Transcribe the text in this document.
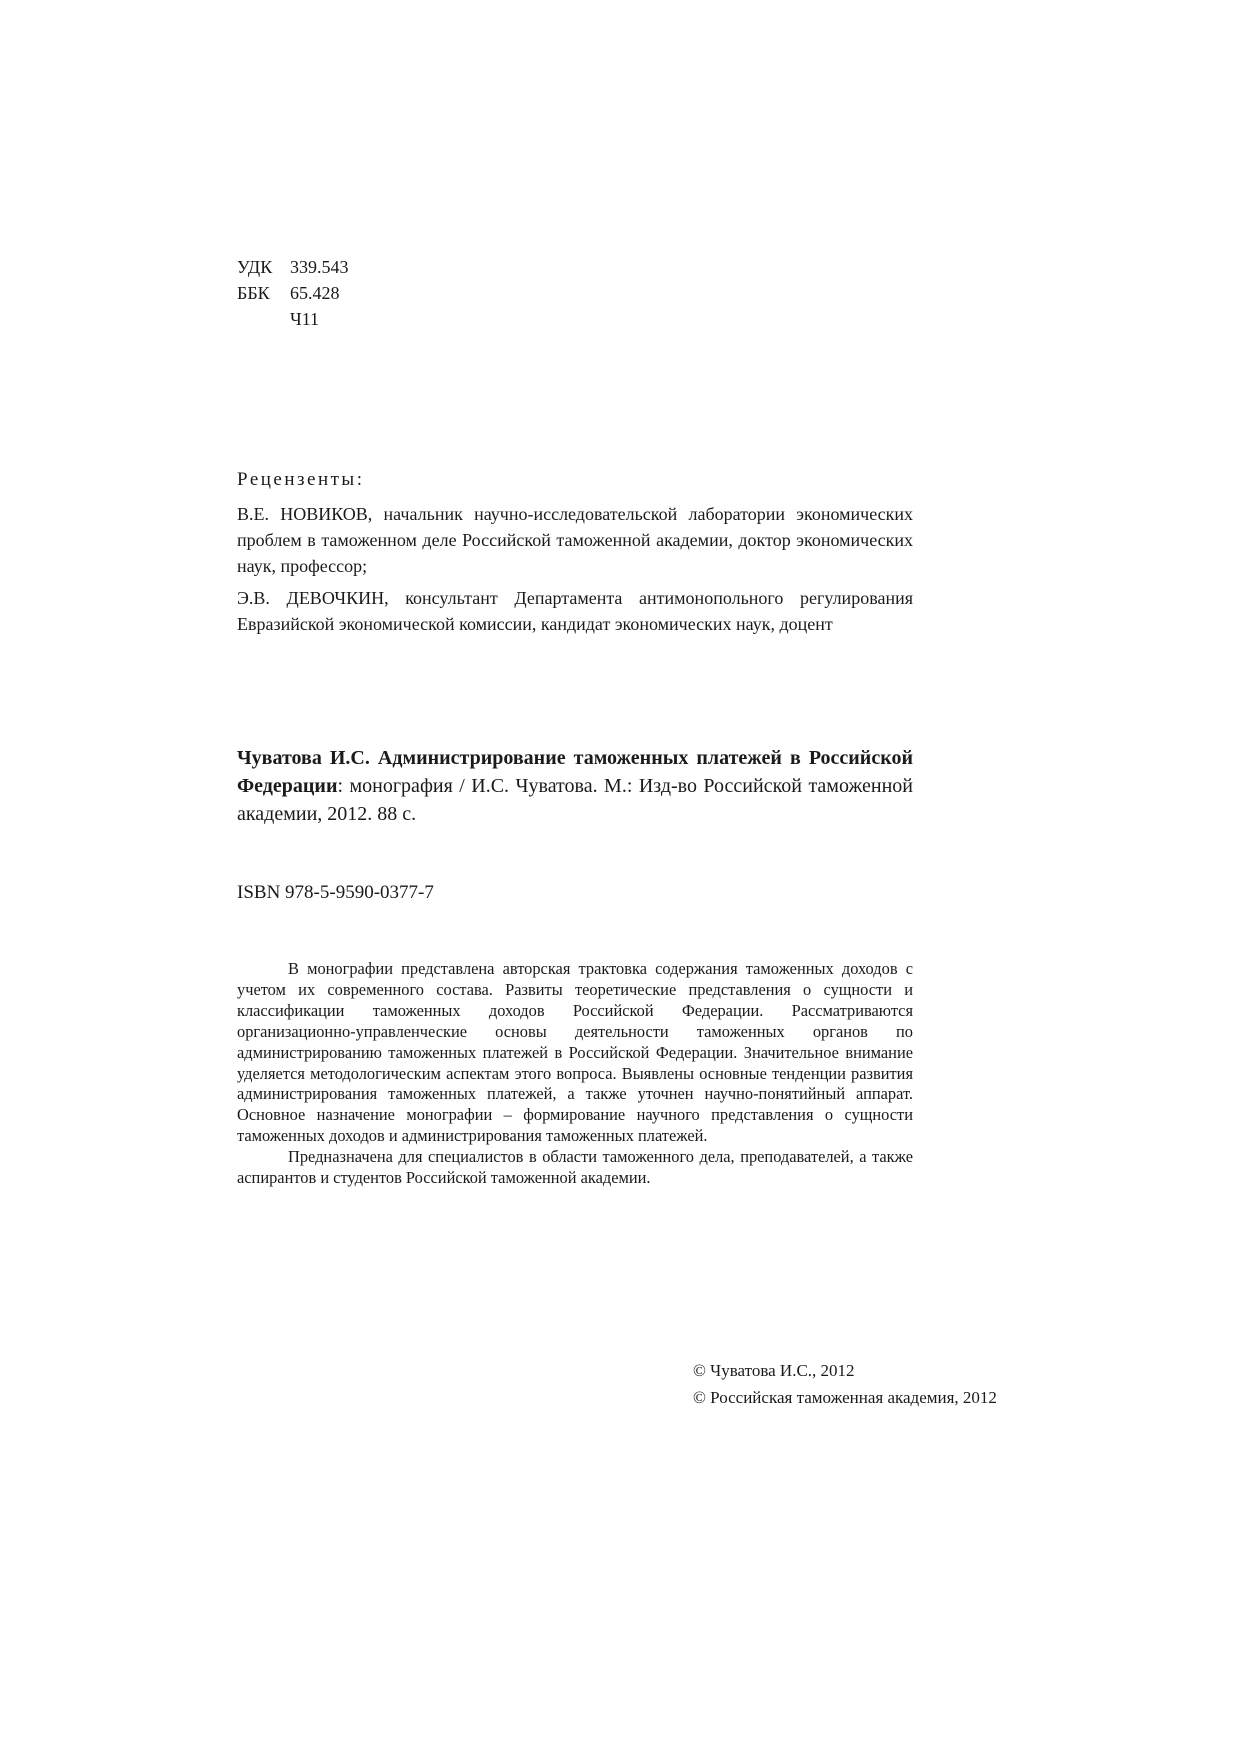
УДК 339.543
ББК	65.428
Ч11
Рецензенты:
В.Е. НОВИКОВ, начальник научно-исследовательской лаборатории экономических проблем в таможенном деле Российской таможенной академии, доктор экономических наук, профессор;
Э.В. ДЕВОЧКИН, консультант Департамента антимонопольного регулирования Евразийской экономической комиссии, кандидат экономических наук, доцент
Чуватова И.С. Администрирование таможенных платежей в Российской Федерации: монография / И.С. Чуватова. М.: Изд-во Российской таможенной академии, 2012. 88 с.
ISBN 978-5-9590-0377-7

В монографии представлена авторская трактовка содержания таможенных доходов с учетом их современного состава. Развиты теоретические представления о сущности и классификации таможенных доходов Российской Федерации. Рассматриваются организационно-управленческие основы деятельности таможенных органов по администрированию таможенных платежей в Российской Федерации. Значительное внимание уделяется методологическим аспектам этого вопроса. Выявлены основные тенденции развития администрирования таможенных платежей, а также уточнен научно-понятийный аппарат. Основное назначение монографии – формирование научного представления о сущности таможенных доходов и администрирования таможенных платежей.

Предназначена для специалистов в области таможенного дела, преподавателей, а также аспирантов и студентов Российской таможенной академии.

© Чуватова И.С., 2012
© Российская таможенная академия, 2012
